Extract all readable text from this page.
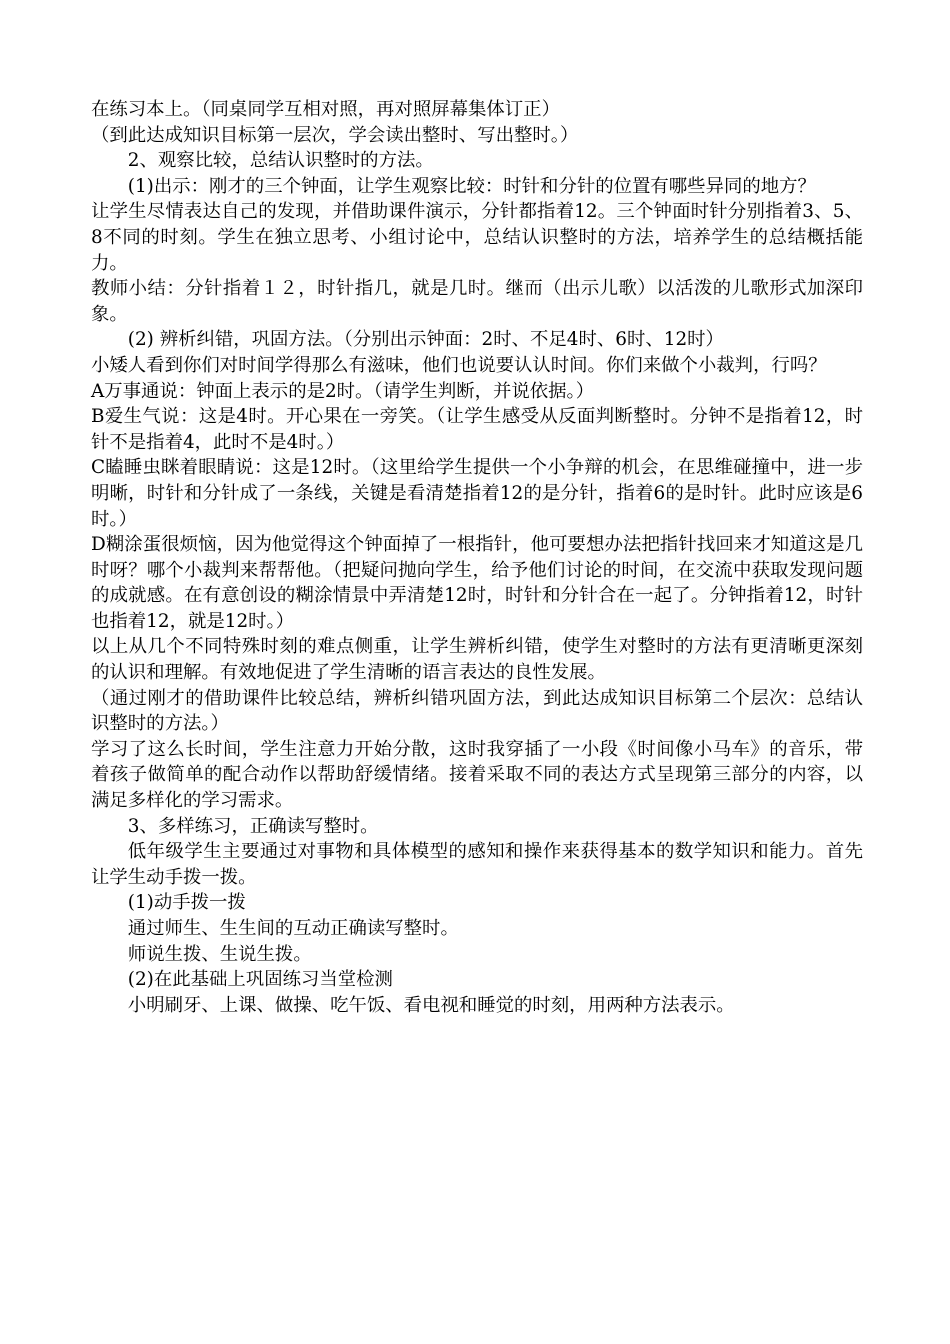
在练习本上。（同桌同学互相对照，再对照屏幕集体订正）

（到此达成知识目标第一层次，学会读出整时、写出整时。）

2、观察比较，总结认识整时的方法。

(1)出示：刚才的三个钟面，让学生观察比较：时针和分针的位置有哪些异同的地方？

让学生尽情表达自己的发现，并借助课件演示，分针都指着12。三个钟面时针分别指着3、5、8不同的时刻。学生在独立思考、小组讨论中，总结认识整时的方法，培养学生的总结概括能力。

教师小结：分针指着１２，时针指几，就是几时。继而（出示儿歌）以活泼的儿歌形式加深印象。

(2) 辨析纠错，巩固方法。（分别出示钟面：2时、不足4时、6时、12时）

小矮人看到你们对时间学得那么有滋味，他们也说要认认时间。你们来做个小裁判，行吗？

A万事通说：钟面上表示的是2时。（请学生判断，并说依据。）

B爱生气说：这是4时。开心果在一旁笑。（让学生感受从反面判断整时。分钟不是指着12，时针不是指着4，此时不是4时。）

C瞌睡虫眯着眼睛说：这是12时。（这里给学生提供一个小争辩的机会，在思维碰撞中，进一步明晰，时针和分针成了一条线，关键是看清楚指着12的是分针，指着6的是时针。此时应该是6时。）

D糊涂蛋很烦恼，因为他觉得这个钟面掉了一根指针，他可要想办法把指针找回来才知道这是几时呀？哪个小裁判来帮帮他。（把疑问抛向学生，给予他们讨论的时间，在交流中获取发现问题的成就感。在有意创设的糊涂情景中弄清楚12时，时针和分针合在一起了。分钟指着12，时针也指着12，就是12时。）

以上从几个不同特殊时刻的难点侧重，让学生辨析纠错，使学生对整时的方法有更清晰更深刻的认识和理解。有效地促进了学生清晰的语言表达的良性发展。

（通过刚才的借助课件比较总结，辨析纠错巩固方法，到此达成知识目标第二个层次：总结认识整时的方法。）

学习了这么长时间，学生注意力开始分散，这时我穿插了一小段《时间像小马车》的音乐，带着孩子做简单的配合动作以帮助舒缓情绪。接着采取不同的表达方式呈现第三部分的内容，以满足多样化的学习需求。

3、多样练习，正确读写整时。

低年级学生主要通过对事物和具体模型的感知和操作来获得基本的数学知识和能力。首先让学生动手拨一拨。

(1)动手拨一拨

通过师生、生生间的互动正确读写整时。

师说生拨、生说生拨。

(2)在此基础上巩固练习当堂检测

小明刷牙、上课、做操、吃午饭、看电视和睡觉的时刻，用两种方法表示。
